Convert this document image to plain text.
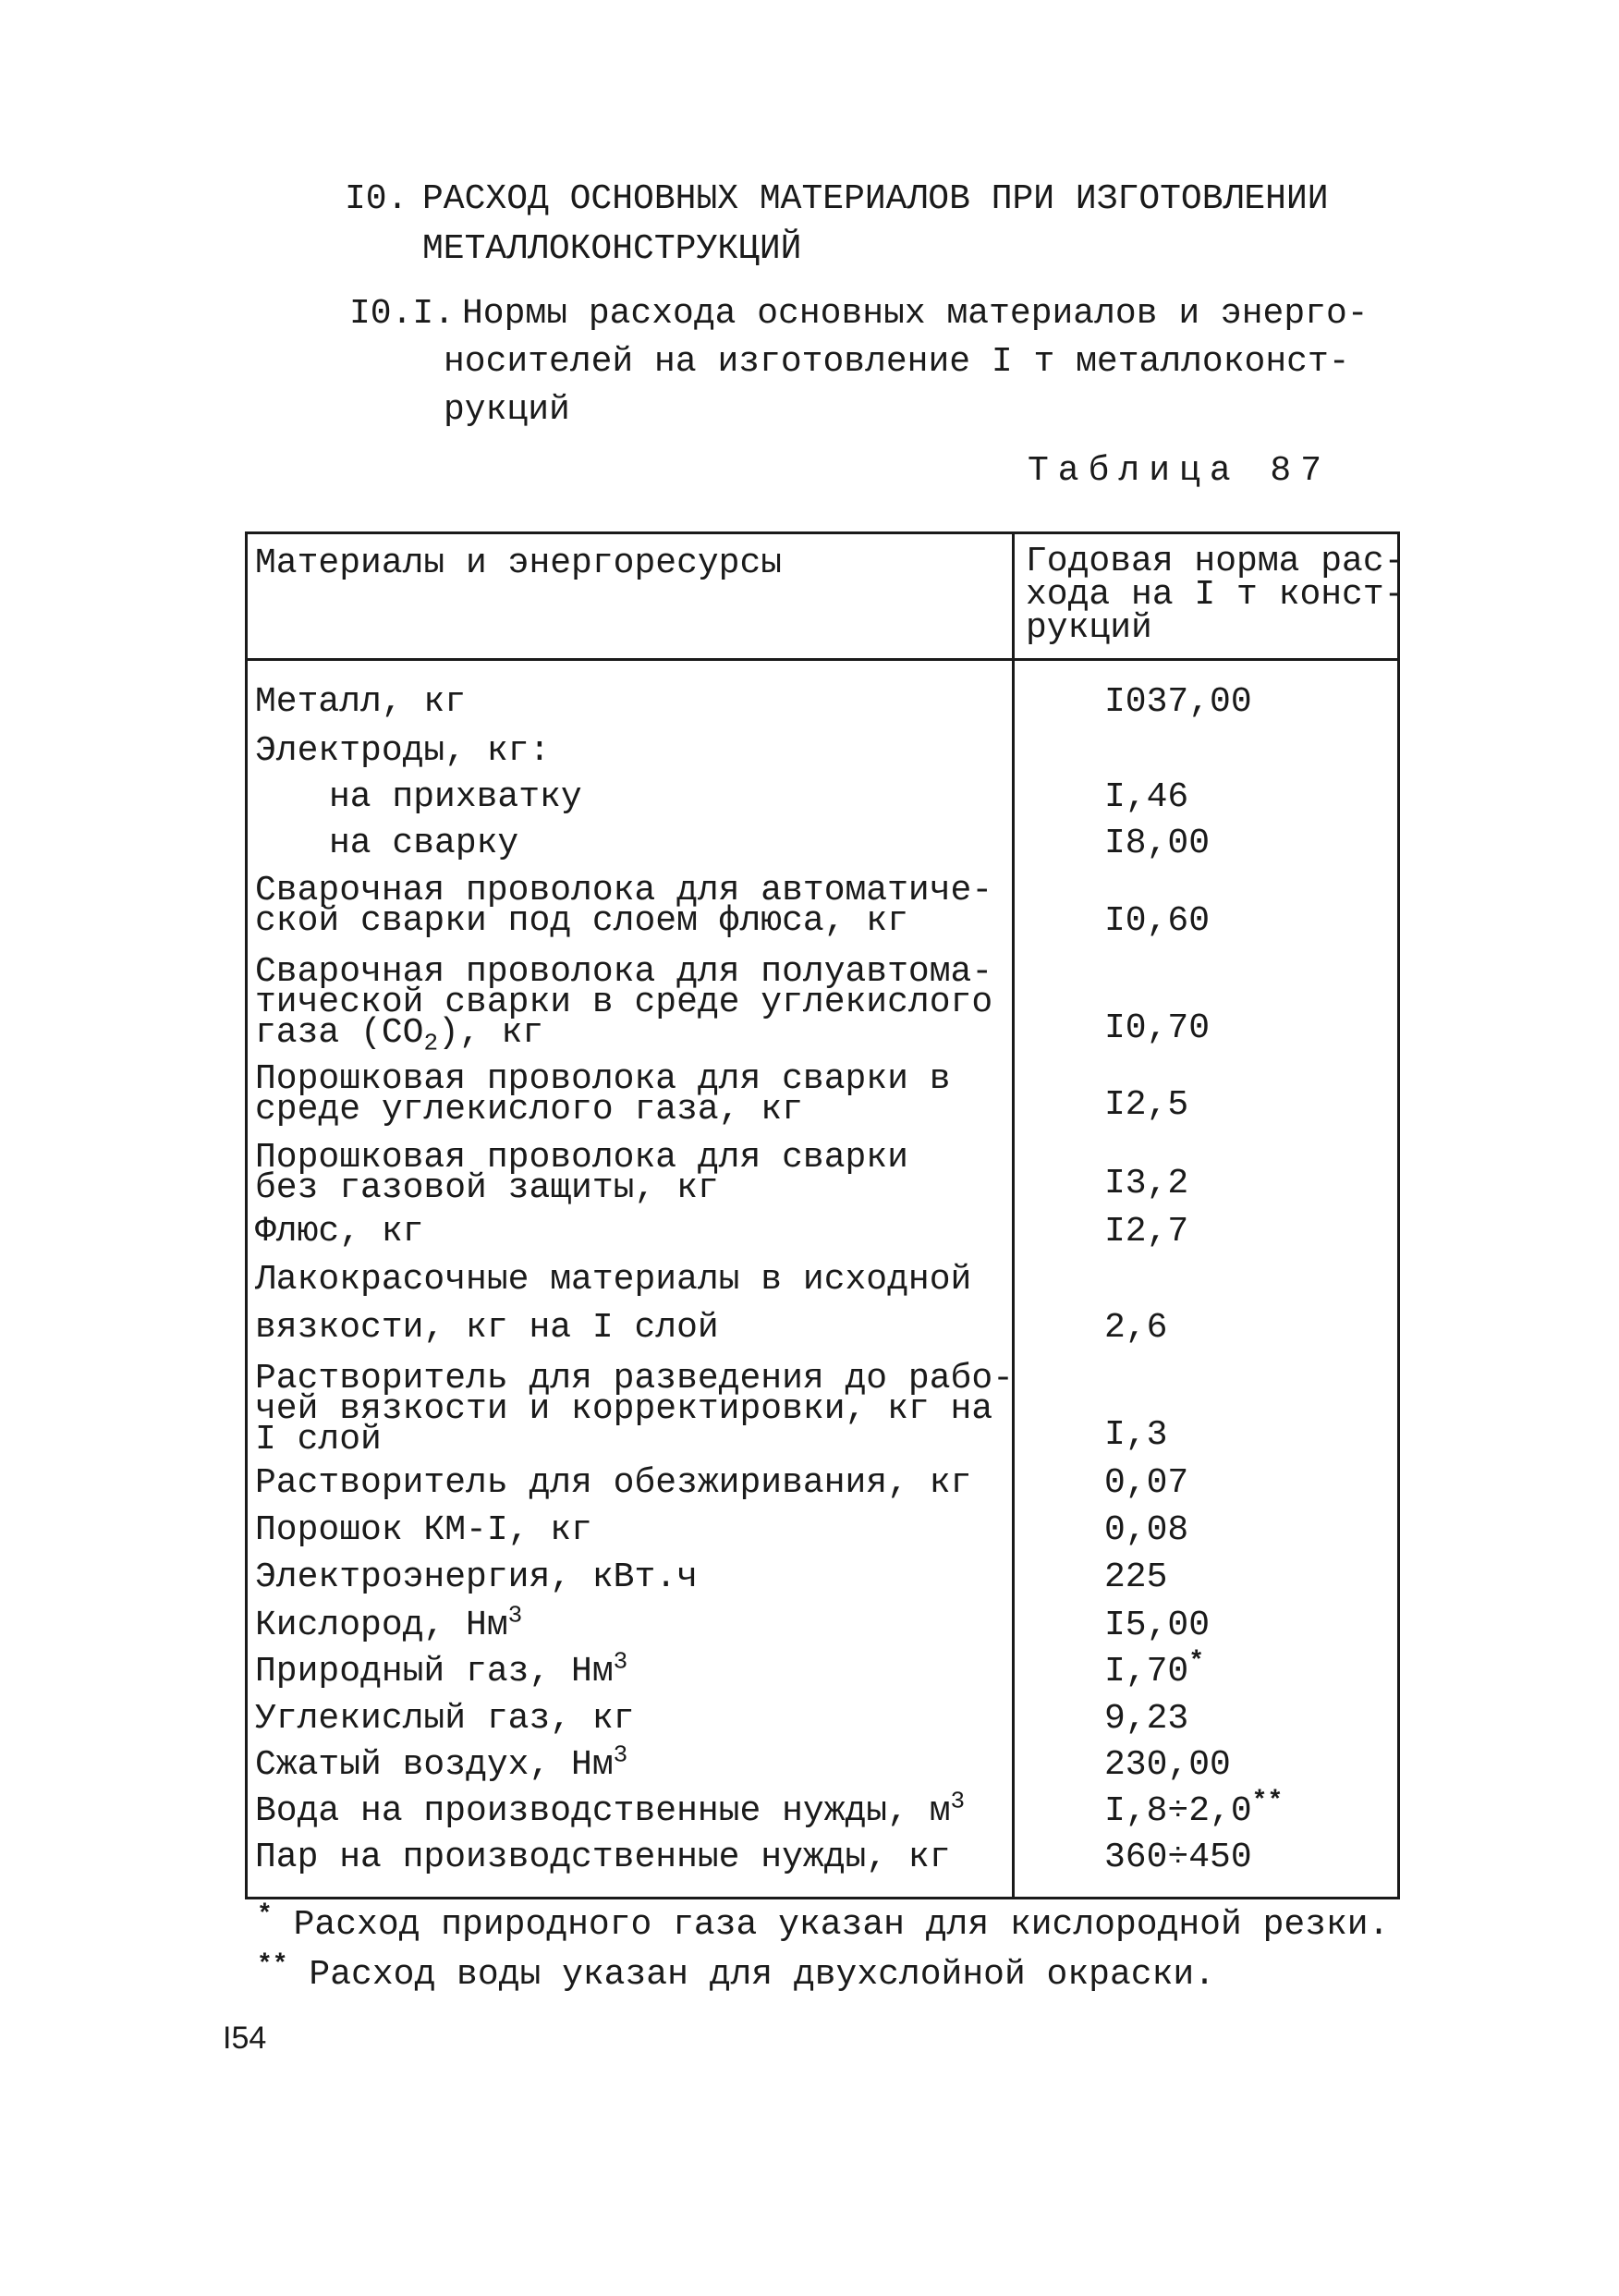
I0. РАСХОД ОСНОВНЫХ МАТЕРИАЛОВ ПРИ ИЗГОТОВЛЕНИИ
МЕТАЛЛОКОНСТРУКЦИЙ
I0.I. Нормы расхода основных материалов и энерго-
носителей на изготовление I т металлоконст-
рукций
Таблица 87
Материалы и энергоресурсы	Годовая норма рас-
хода на I т конст-
рукций
Металл, кг	I037,00
Электроды, кг:
на прихватку	I,46
на сварку	I8,00
Сварочная проволока для автоматиче-
ской сварки под слоем флюса, кг	I0,60
Сварочная проволока для полуавтома-
тической сварки в среде углекислого
газа $(CO_2)$, кг	I0,70
Порошковая проволока для сварки в
среде углекислого газа, кг	I2,5
Порошковая проволока для сварки
без газовой защиты, кг	I3,2
Флюс, кг	I2,7
Лакокрасочные материалы в исходной
вязкости, кг на I слой	2,6
Растворитель для разведения до рабо-
чей вязкости и корректировки, кг на
I слой	I,3
Растворитель для обезжиривания, кг	0,07
Порошок КМ-I, кг	0,08
Электроэнергия, кВт.ч	225
Кислород, $Нм^3$	I5,00
Природный газ, $Нм^3$	I,70*
Углекислый газ, кг	9,23
Сжатый воздух, $Нм^3$	230,00
Вода на производственные нужды, $м^3$	I,8÷2,0**
Пар на производственные нужды, кг	360÷450
* Расход природного газа указан для кислородной резки.
** Расход воды указан для двухслойной окраски.
I54
